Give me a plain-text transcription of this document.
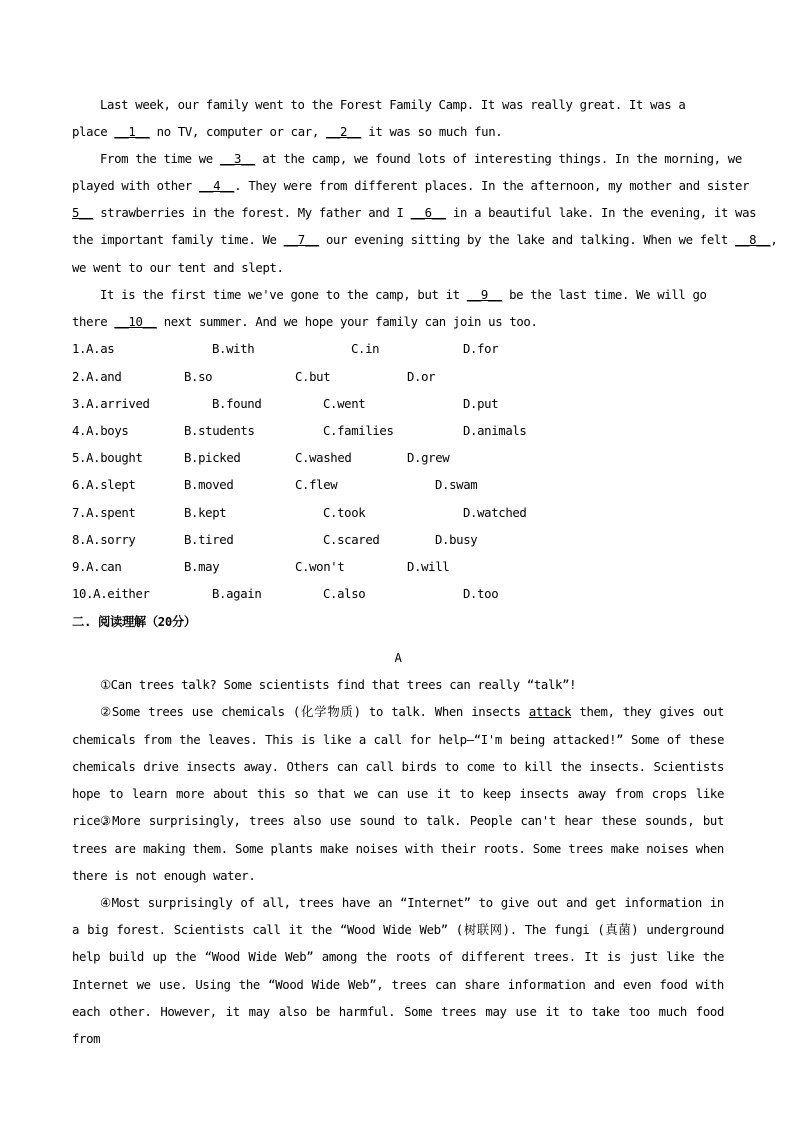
Last week, our family went to the Forest Family Camp. It was really great. It was a
place __1__ no TV, computer or car, __2__ it was so much fun.
From the time we __3__ at the camp, we found lots of interesting things. In the morning, we
played with other __4__. They were from different places. In the afternoon, my mother and sister
5__ strawberries in the forest. My father and I __6__ in a beautiful lake. In the evening, it was
the important family time. We __7__ our evening sitting by the lake and talking. When we felt __8__,
we went to our tent and slept.
It is the first time we've gone to the camp, but it __9__ be the last time. We will go
there __10__ next summer. And we hope your family can join us too.

1.A.as

	B.with

	C.in

	D.for

2.A.and

	B.so

	C.but

	D.or

3.A.arrived

	B.found

	C.went

	D.put

4.A.boys

	B.students

	C.families

	D.animals

5.A.bought

	B.picked

	C.washed

	D.grew

6.A.slept

	B.moved

	C.flew

	D.swam

7.A.spent

	B.kept

	C.took

	D.watched

8.A.sorry

	B.tired

	C.scared

	D.busy

9.A.can

	B.may

	C.won't

	D.will

10.A.either

	B.again

	C.also

	D.too

二. 阅读理解（20分）
A
①Can trees talk? Some scientists find that trees can really “talk”!
②Some trees use chemicals (化学物质) to talk. When insects attack them, they gives out
chemicals from the leaves. This is like a call for help—“I'm being attacked!” Some of these
chemicals drive insects away. Others can call birds to come to kill the insects. Scientists
hope to learn more about this so that we can use it to keep insects away from crops like rice.
③More surprisingly, trees also use sound to talk. People can't hear these sounds, but
trees are making them. Some plants make noises with their roots. Some trees make noises when
there is not enough water.
④Most surprisingly of all, trees have an “Internet” to give out and get information in
a big forest. Scientists call it the “Wood Wide Web” (树联网). The fungi (真菌) underground
help build up the “Wood Wide Web” among the roots of different trees. It is just like the
Internet we use. Using the “Wood Wide Web”, trees can share information and even food with
each other. However, it may also be harmful. Some trees may use it to take too much food from
